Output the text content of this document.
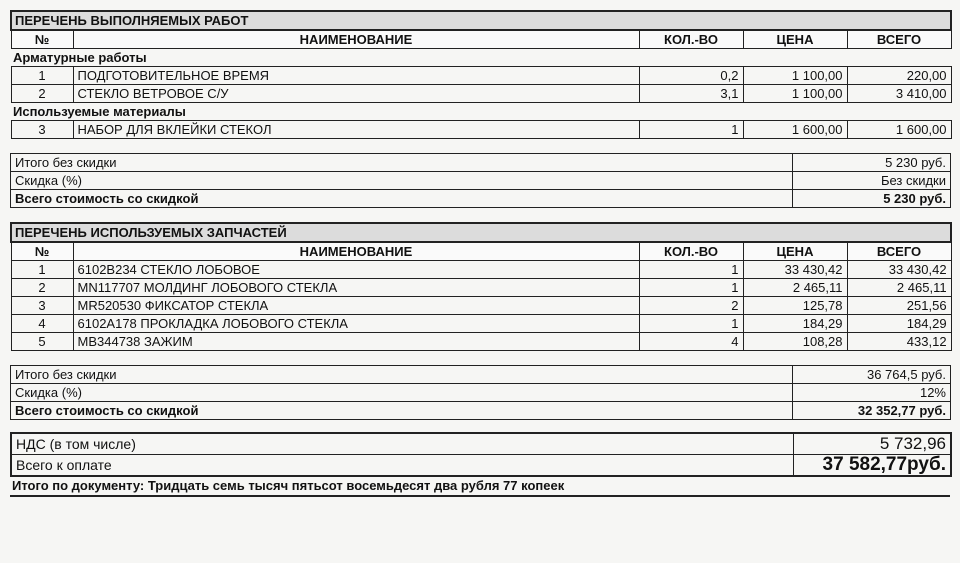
ПЕРЕЧЕНЬ ВЫПОЛНЯЕМЫХ РАБОТ				
№	НАИМЕНОВАНИЕ	КОЛ.-ВО	ЦЕНА	ВСЕГО
Арматурные работы				
1	ПОДГОТОВИТЕЛЬНОЕ ВРЕМЯ	0,2	1 100,00	220,00
2	СТЕКЛО ВЕТРОВОЕ С/У	3,1	1 100,00	3 410,00
Используемые материалы				
3	НАБОР ДЛЯ ВКЛЕЙКИ СТЕКОЛ	1	1 600,00	1 600,00
Итого без скидки	5 230 руб.
Скидка (%)	Без скидки
Всего стоимость со скидкой	5 230 руб.
ПЕРЕЧЕНЬ ИСПОЛЬЗУЕМЫХ ЗАПЧАСТЕЙ				
№	НАИМЕНОВАНИЕ	КОЛ.-ВО	ЦЕНА	ВСЕГО
1	6102B234 СТЕКЛО ЛОБОВОЕ	1	33 430,42	33 430,42
2	MN117707 МОЛДИНГ ЛОБОВОГО СТЕКЛА	1	2 465,11	2 465,11
3	MR520530 ФИКСАТОР СТЕКЛА	2	125,78	251,56
4	6102A178 ПРОКЛАДКА ЛОБОВОГО СТЕКЛА	1	184,29	184,29
5	MB344738 ЗАЖИМ	4	108,28	433,12
Итого без скидки	36 764,5 руб.
Скидка (%)	12%
Всего стоимость со скидкой	32 352,77 руб.
НДС (в том числе)	5 732,96
Всего к оплате	37 582,77руб.
Итого по документу: Тридцать семь тысяч пятьсот восемьдесят два рубля 77 копеек
